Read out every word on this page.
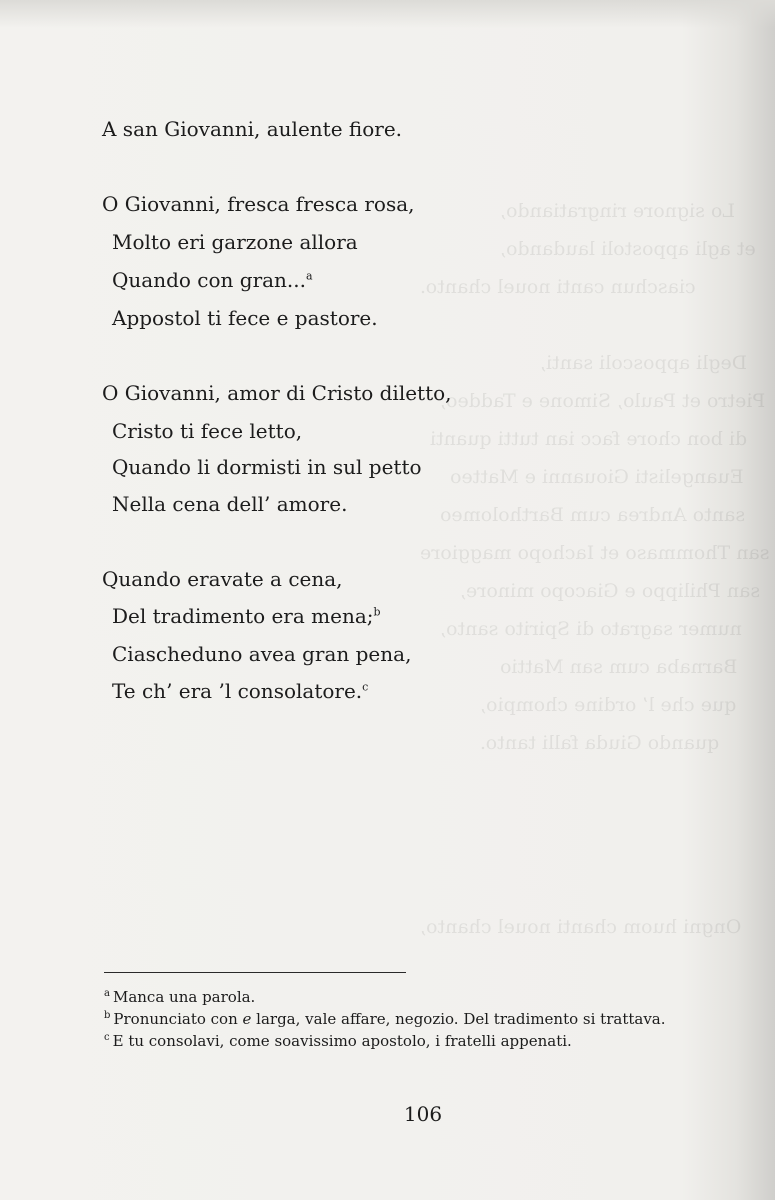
Lo signore ringratiando,
et agli appostoli laudando,
ciaschun canti nouel chanto.
Degli apposcoli santi,
Pietro et Paulo, Simone e Taddeo,
di bon chore facc ian tutti quanti
Euangelisti Giouanni e Matteo
santo Andrea cum Bartholomeo
san Thommaso et Iachopo maggiore
san Philippo e Giacopo minore,
numer sagrato di Spirito santo,
Barnaba cum san Mattio
que che l’ ordine chompio,
quando Giuda falli tanto.
Ongni huom chanti nouel chanto,
A san Giovanni, aulente fiore.
O Giovanni, fresca fresca rosa,
Molto eri garzone allora
Quando con gran...$^a$
Appostol ti fece e pastore.
O Giovanni, amor di Cristo diletto,
Cristo ti fece letto,
Quando li dormisti in sul petto
Nella cena dell’ amore.
Quando eravate a cena,
Del tradimento era mena;$^b$
Ciascheduno avea gran pena,
Te ch’ era ’l consolatore.$^c$
$^a$ Manca una parola.
$^b$ Pronunciato con e larga, vale affare, negozio. Del tradimento si trattava.
$^c$ E tu consolavi, come soavissimo apostolo, i fratelli appenati.
106
